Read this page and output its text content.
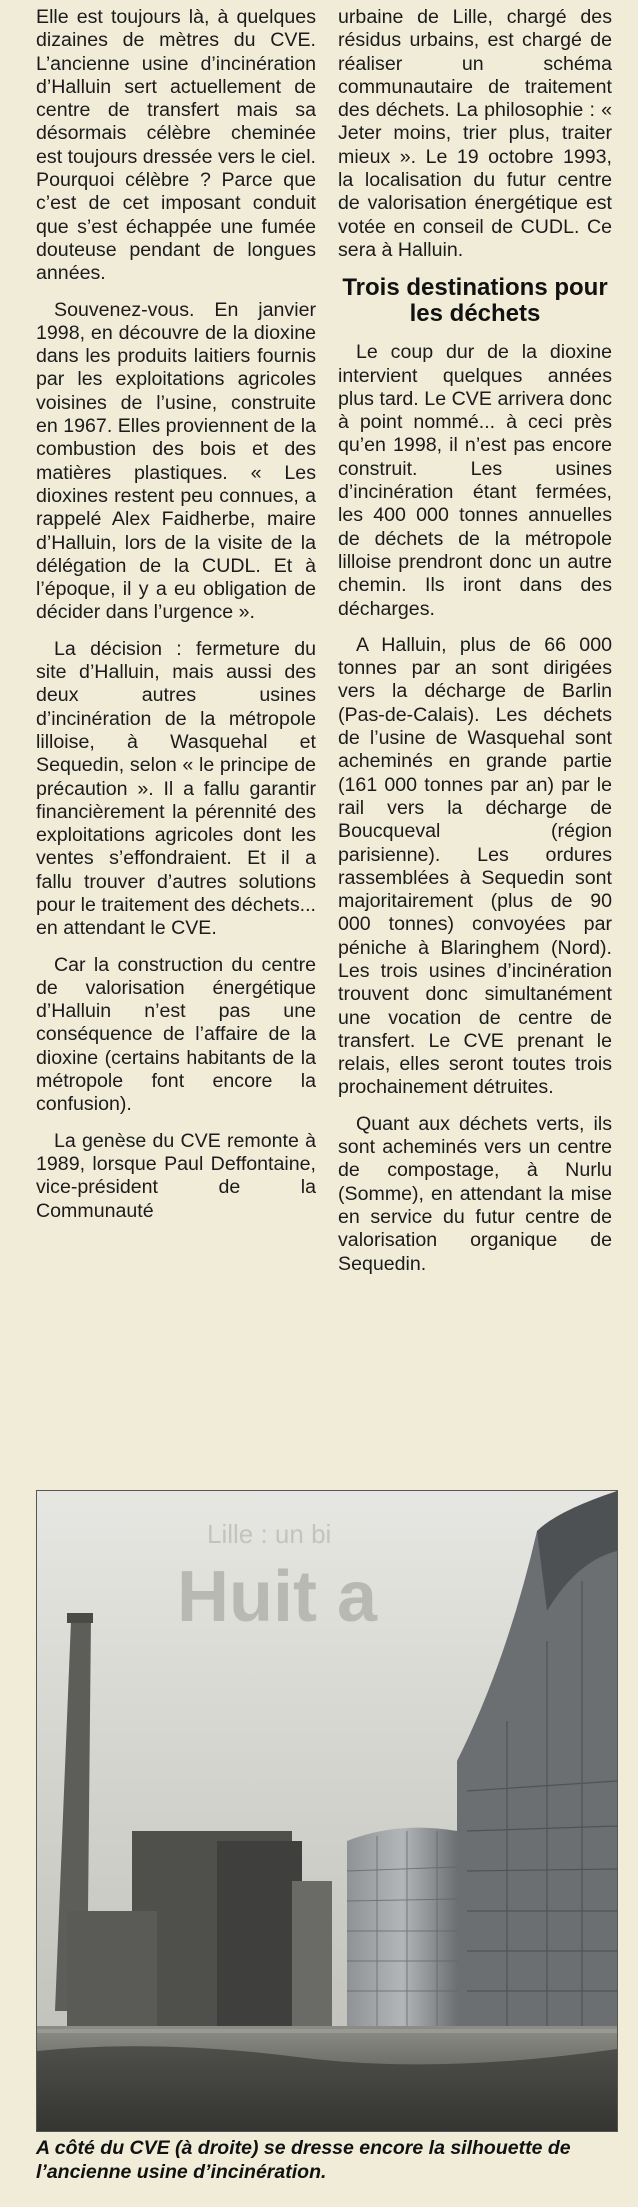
Elle est toujours là, à quelques dizaines de mètres du CVE. L’ancienne usine d’incinération d’Halluin sert actuellement de centre de transfert mais sa désormais célèbre cheminée est toujours dressée vers le ciel. Pourquoi célèbre ? Parce que c’est de cet imposant conduit que s’est échappée une fumée douteuse pendant de longues années.

Souvenez-vous. En janvier 1998, en découvre de la dioxine dans les produits laitiers fournis par les exploitations agricoles voisines de l’usine, construite en 1967. Elles proviennent de la combustion des bois et des matières plastiques. « Les dioxines restent peu connues, a rappelé Alex Faidherbe, maire d’Halluin, lors de la visite de la délégation de la CUDL. Et à l’époque, il y a eu obligation de décider dans l’urgence ».

La décision : fermeture du site d’Halluin, mais aussi des deux autres usines d’incinération de la métropole lilloise, à Wasquehal et Sequedin, selon « le principe de précaution ». Il a fallu garantir financièrement la pérennité des exploitations agricoles dont les ventes s’effondraient. Et il a fallu trouver d’autres solutions pour le traitement des déchets... en attendant le CVE.

Car la construction du centre de valorisation énergétique d’Halluin n’est pas une conséquence de l’affaire de la dioxine (certains habitants de la métropole font encore la confusion).

La genèse du CVE remonte à 1989, lorsque Paul Deffontaine, vice-président de la Communauté

urbaine de Lille, chargé des résidus urbains, est chargé de réaliser un schéma communautaire de traitement des déchets. La philosophie : « Jeter moins, trier plus, traiter mieux ». Le 19 octobre 1993, la localisation du futur centre de valorisation énergétique est votée en conseil de CUDL. Ce sera à Halluin.

Trois destinations pour les déchets

Le coup dur de la dioxine intervient quelques années plus tard. Le CVE arrivera donc à point nommé... à ceci près qu’en 1998, il n’est pas encore construit. Les usines d’incinération étant fermées, les 400 000 tonnes annuelles de déchets de la métropole lilloise prendront donc un autre chemin. Ils iront dans des décharges.

A Halluin, plus de 66 000 tonnes par an sont dirigées vers la décharge de Barlin (Pas-de-Calais). Les déchets de l’usine de Wasquehal sont acheminés en grande partie (161 000 tonnes par an) par le rail vers la décharge de Boucqueval (région parisienne). Les ordures rassemblées à Sequedin sont majoritairement (plus de 90 000 tonnes) convoyées par péniche à Blaringhem (Nord). Les trois usines d’incinération trouvent donc simultanément une vocation de centre de transfert. Le CVE prenant le relais, elles seront toutes trois prochainement détruites.

Quant aux déchets verts, ils sont acheminés vers un centre de compostage, à Nurlu (Somme), en attendant la mise en service du futur centre de valorisation organique de Sequedin.

Lille : un bi
Huit a
A côté du CVE (à droite) se dresse encore la silhouette de l’ancienne usine d’incinération.
